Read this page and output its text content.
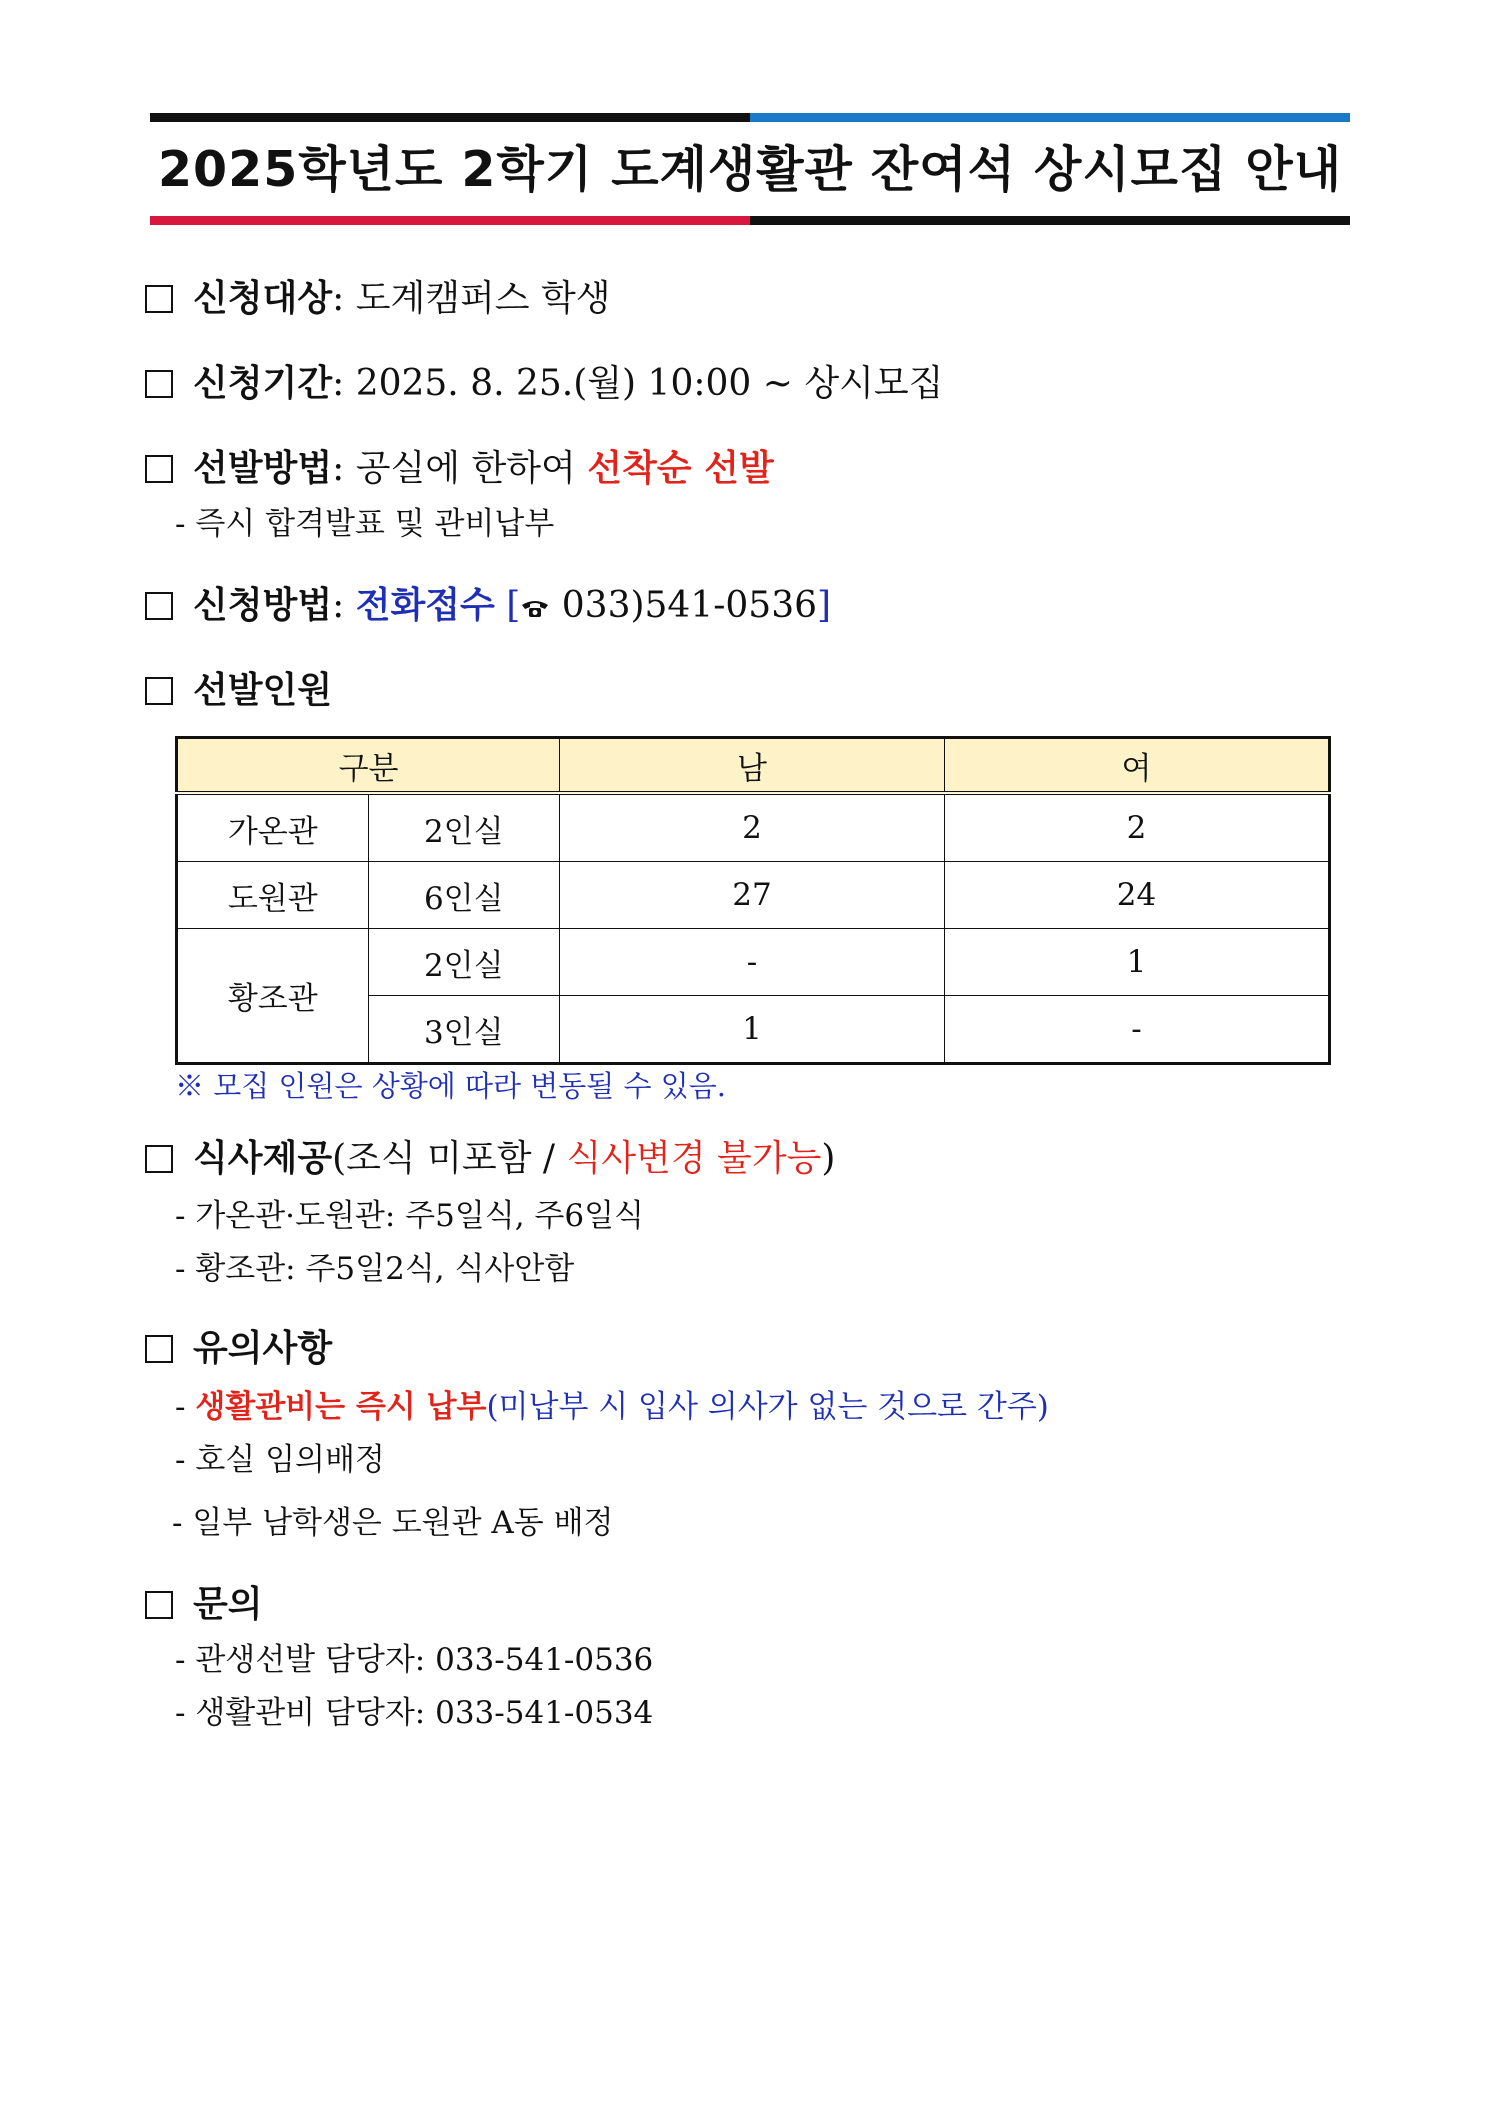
2025학년도 2학기 도계생활관 잔여석 상시모집 안내
신청대상: 도계캠퍼스 학생
신청기간: 2025. 8. 25.(월) 10:00 ~ 상시모집
선발방법: 공실에 한하여 선착순 선발
- 즉시 합격발표 및 관비납부
신청방법: 전화접수 [ 033)541-0536]
선발인원
구분		남	여
가온관	2인실	2	2
도원관	6인실	27	24
황조관	2인실	-	1
	3인실	1	-
※ 모집 인원은 상황에 따라 변동될 수 있음.
식사제공(조식 미포함 / 식사변경 불가능)
- 가온관·도원관: 주5일식, 주6일식
- 황조관: 주5일2식, 식사안함
유의사항
- 생활관비는 즉시 납부(미납부 시 입사 의사가 없는 것으로 간주)
- 호실 임의배정
- 일부 남학생은 도원관 A동 배정
문의
- 관생선발 담당자: 033-541-0536
- 생활관비 담당자: 033-541-0534
